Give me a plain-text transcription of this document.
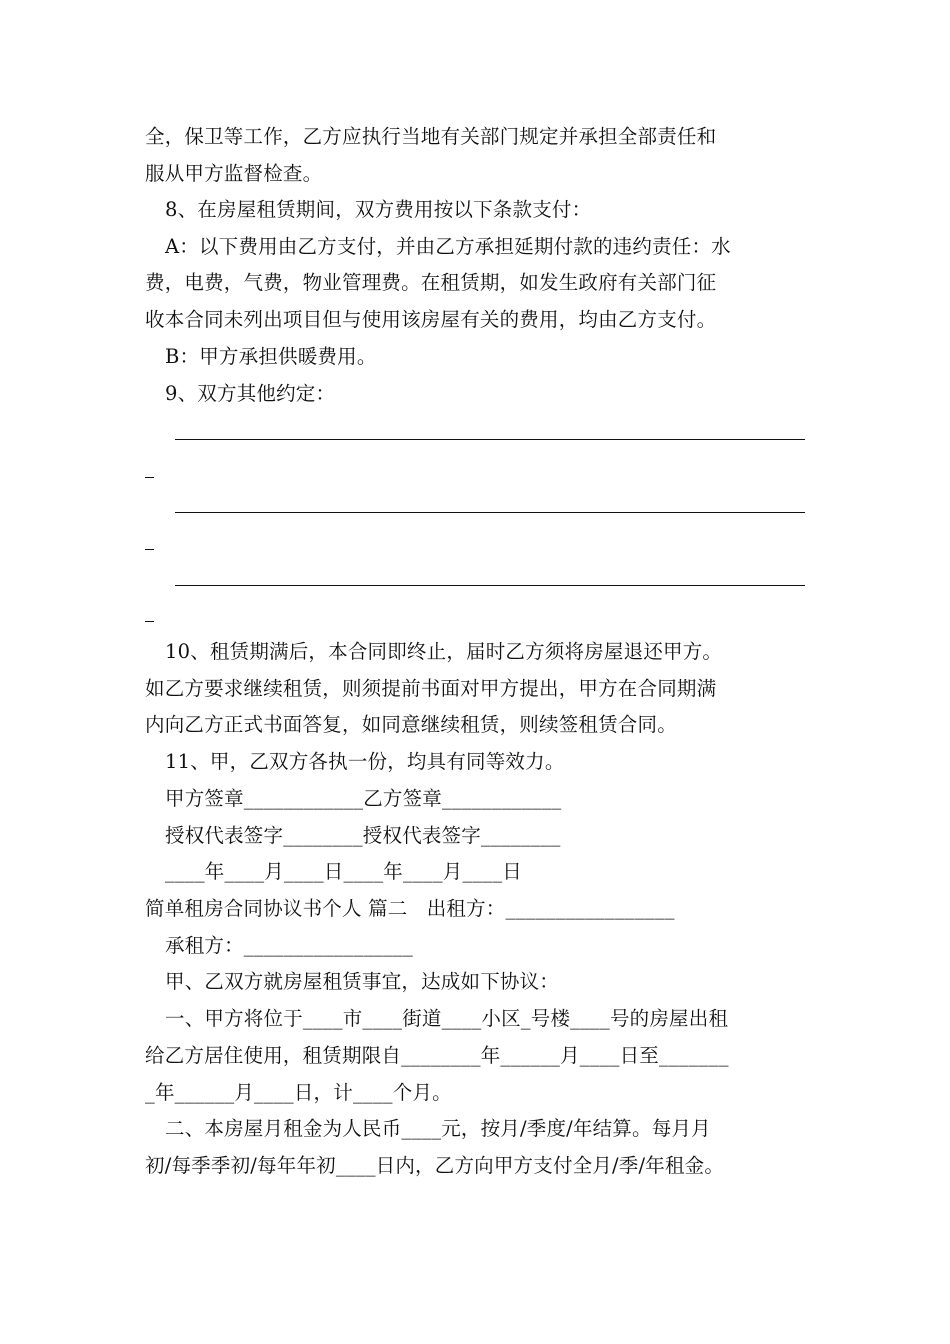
全，保卫等工作，乙方应执行当地有关部门规定并承担全部责任和
服从甲方监督检查。
8、在房屋租赁期间，双方费用按以下条款支付：
A：以下费用由乙方支付，并由乙方承担延期付款的违约责任：水
费，电费，气费，物业管理费。在租赁期，如发生政府有关部门征
收本合同未列出项目但与使用该房屋有关的费用，均由乙方支付。
B：甲方承担供暖费用。
9、双方其他约定：
10、租赁期满后，本合同即终止，届时乙方须将房屋退还甲方。
如乙方要求继续租赁，则须提前书面对甲方提出，甲方在合同期满
内向乙方正式书面答复，如同意继续租赁，则续签租赁合同。
11、甲，乙双方各执一份，均具有同等效力。
甲方签章____________乙方签章____________
授权代表签字________授权代表签字________
____年____月____日____年____月____日
简单租房合同协议书个人 篇二   出租方：_________________
承租方：_________________
甲、乙双方就房屋租赁事宜，达成如下协议：
一、甲方将位于____市____街道____小区_号楼____号的房屋出租
给乙方居住使用，租赁期限自________年______月____日至_______
_年______月____日，计____个月。
二、本房屋月租金为人民币____元，按月/季度/年结算。每月月
初/每季季初/每年年初____日内，乙方向甲方支付全月/季/年租金。
